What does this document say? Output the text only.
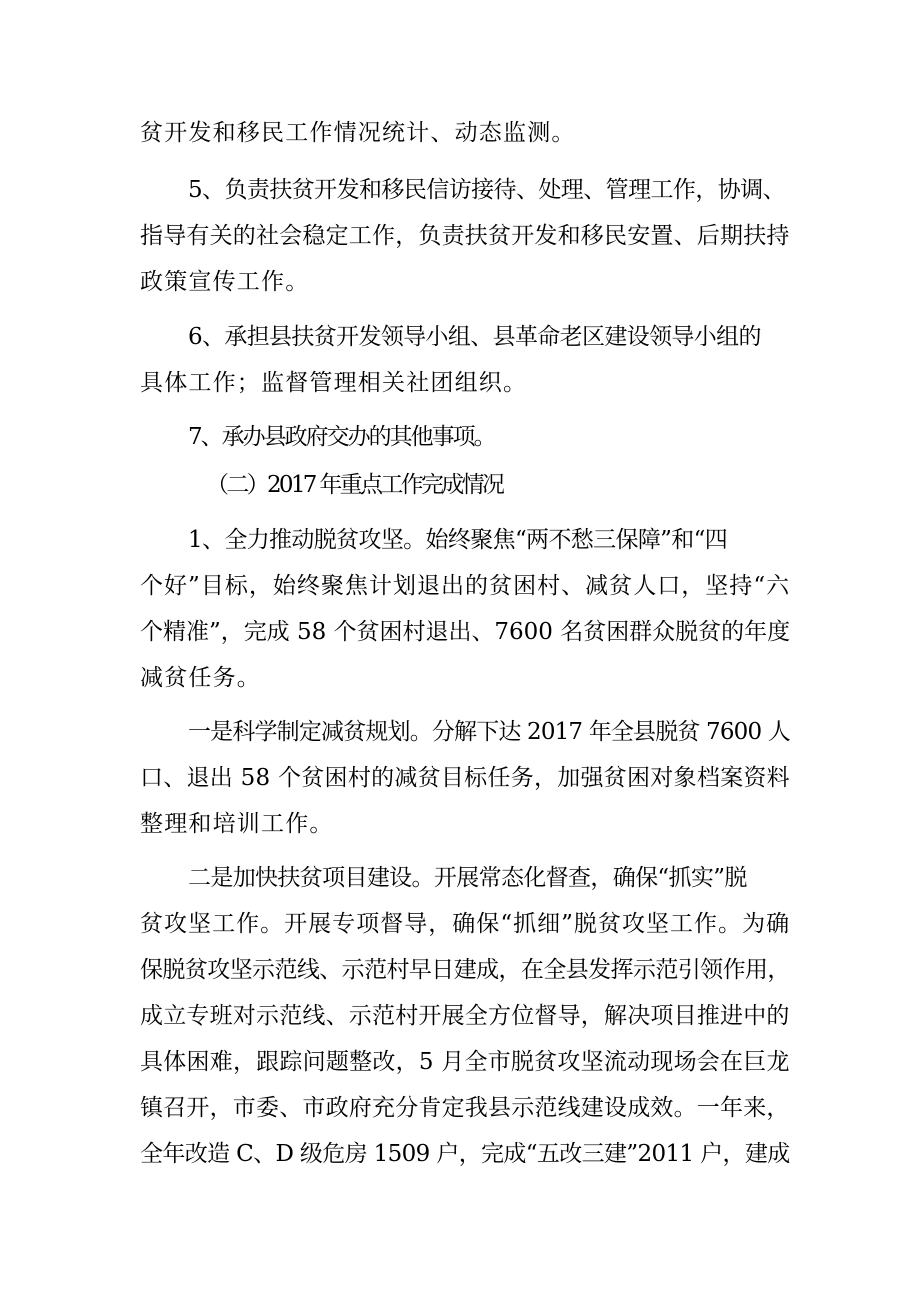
贫开发和移民工作情况统计、动态监测。
5、负责扶贫开发和移民信访接待、处理、管理工作，协调、
指导有关的社会稳定工作，负责扶贫开发和移民安置、后期扶持
政策宣传工作。
6、承担县扶贫开发领导小组、县革命老区建设领导小组的
具体工作；监督管理相关社团组织。
7、承办县政府交办的其他事项。
（二）2017 年重点工作完成情况
1、全力推动脱贫攻坚。始终聚焦“两不愁三保障”和“四
个好”目标，始终聚焦计划退出的贫困村、减贫人口，坚持“六
个精准”，完成 58 个贫困村退出、7600 名贫困群众脱贫的年度
减贫任务。
一是科学制定减贫规划。分解下达 2017 年全县脱贫 7600 人
口、退出 58 个贫困村的减贫目标任务，加强贫困对象档案资料
整理和培训工作。
二是加快扶贫项目建设。开展常态化督查，确保“抓实”脱
贫攻坚工作。开展专项督导，确保“抓细”脱贫攻坚工作。为确
保脱贫攻坚示范线、示范村早日建成，在全县发挥示范引领作用，
成立专班对示范线、示范村开展全方位督导，解决项目推进中的
具体困难，跟踪问题整改，5 月全市脱贫攻坚流动现场会在巨龙
镇召开，市委、市政府充分肯定我县示范线建设成效。一年来，
全年改造 C、D 级危房 1509 户，完成“五改三建”2011 户，建成
